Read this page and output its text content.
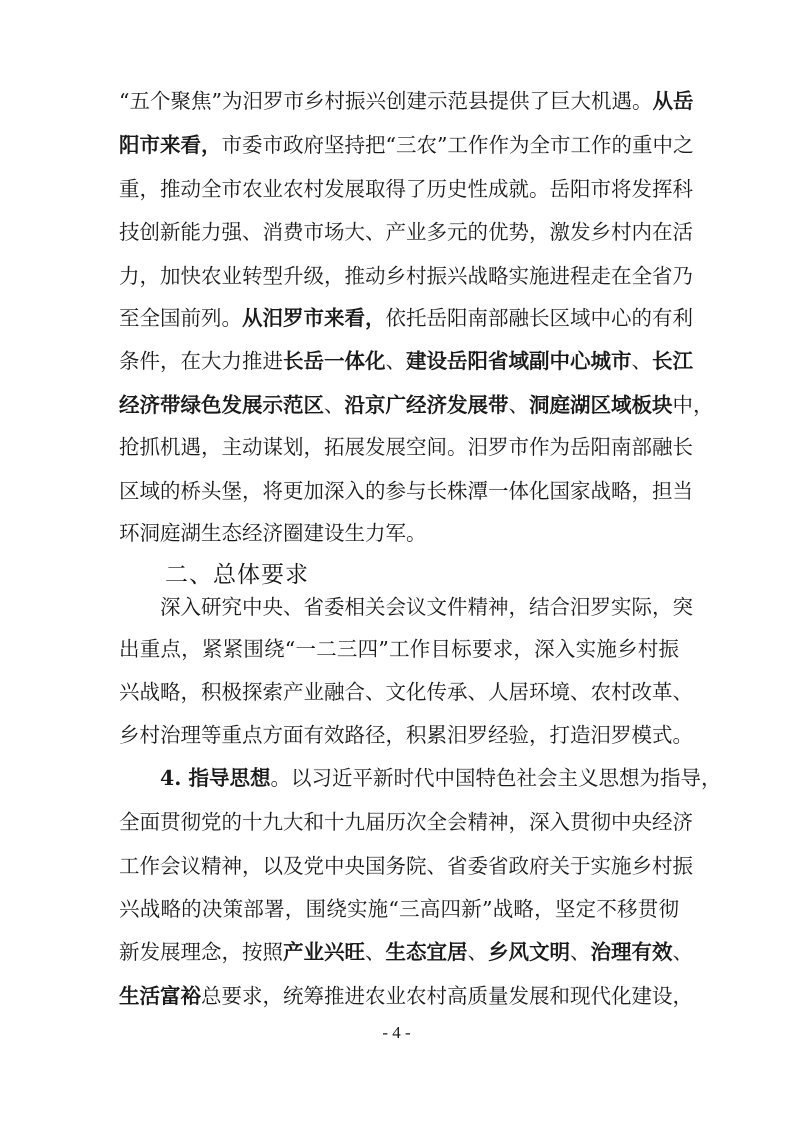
“五个聚焦”为汨罗市乡村振兴创建示范县提供了巨大机遇。从岳
阳市来看，市委市政府坚持把“三农”工作作为全市工作的重中之
重，推动全市农业农村发展取得了历史性成就。岳阳市将发挥科
技创新能力强、消费市场大、产业多元的优势，激发乡村内在活
力，加快农业转型升级，推动乡村振兴战略实施进程走在全省乃
至全国前列。从汨罗市来看，依托岳阳南部融长区域中心的有利
条件，在大力推进长岳一体化、建设岳阳省域副中心城市、长江
经济带绿色发展示范区、沿京广经济发展带、洞庭湖区域板块中，
抢抓机遇，主动谋划，拓展发展空间。汨罗市作为岳阳南部融长
区域的桥头堡，将更加深入的参与长株潭一体化国家战略，担当
环洞庭湖生态经济圈建设生力军。
深入研究中央、省委相关会议文件精神，结合汨罗实际，突
出重点，紧紧围绕“一二三四”工作目标要求，深入实施乡村振
兴战略，积极探索产业融合、文化传承、人居环境、农村改革、
乡村治理等重点方面有效路径，积累汨罗经验，打造汨罗模式。
4. 指导思想。以习近平新时代中国特色社会主义思想为指导，
全面贯彻党的十九大和十九届历次全会精神，深入贯彻中央经济
工作会议精神，以及党中央国务院、省委省政府关于实施乡村振
兴战略的决策部署，围绕实施“三高四新”战略，坚定不移贯彻
新发展理念，按照产业兴旺、生态宜居、乡风文明、治理有效、
生活富裕总要求，统筹推进农业农村高质量发展和现代化建设，
二、总体要求
- 4 -
